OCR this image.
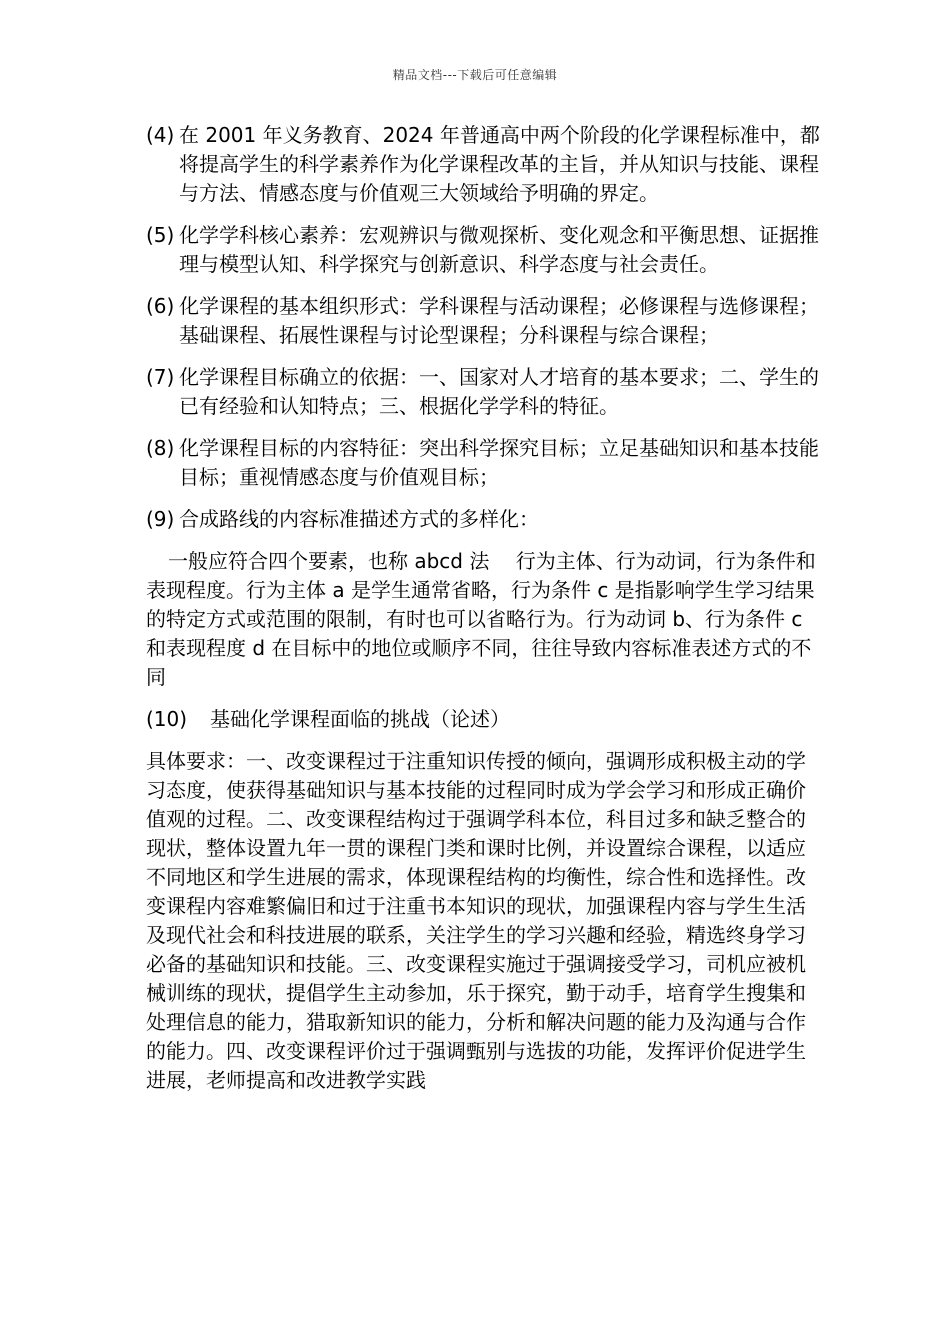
精品文档---下载后可任意编辑
(4) 在 2001 年义务教育、2024 年普通高中两个阶段的化学课程标准中，都将提高学生的科学素养作为化学课程改革的主旨，并从知识与技能、课程与方法、情感态度与价值观三大领域给予明确的界定。
(5) 化学学科核心素养：宏观辨识与微观探析、变化观念和平衡思想、证据推理与模型认知、科学探究与创新意识、科学态度与社会责任。
(6) 化学课程的基本组织形式：学科课程与活动课程；必修课程与选修课程；基础课程、拓展性课程与讨论型课程；分科课程与综合课程；
(7) 化学课程目标确立的依据：一、国家对人才培育的基本要求；二、学生的已有经验和认知特点；三、根据化学学科的特征。
(8) 化学课程目标的内容特征：突出科学探究目标；立足基础知识和基本技能目标；重视情感态度与价值观目标；
(9) 合成路线的内容标准描述方式的多样化：
一般应符合四个要素，也称 abcd 法　 行为主体、行为动词，行为条件和表现程度。行为主体 a 是学生通常省略，行为条件 c 是指影响学生学习结果的特定方式或范围的限制，有时也可以省略行为。行为动词 b、行为条件 c 和表现程度 d 在目标中的地位或顺序不同，往往导致内容标准表述方式的不同
(10) 基础化学课程面临的挑战（论述）
具体要求：一、改变课程过于注重知识传授的倾向，强调形成积极主动的学习态度，使获得基础知识与基本技能的过程同时成为学会学习和形成正确价值观的过程。二、改变课程结构过于强调学科本位，科目过多和缺乏整合的现状，整体设置九年一贯的课程门类和课时比例，并设置综合课程，以适应不同地区和学生进展的需求，体现课程结构的均衡性，综合性和选择性。改变课程内容难繁偏旧和过于注重书本知识的现状，加强课程内容与学生生活及现代社会和科技进展的联系，关注学生的学习兴趣和经验，精选终身学习必备的基础知识和技能。三、改变课程实施过于强调接受学习，司机应被机械训练的现状，提倡学生主动参加，乐于探究，勤于动手，培育学生搜集和处理信息的能力，猎取新知识的能力，分析和解决问题的能力及沟通与合作的能力。四、改变课程评价过于强调甄别与选拔的功能，发挥评价促进学生进展，老师提高和改进教学实践
